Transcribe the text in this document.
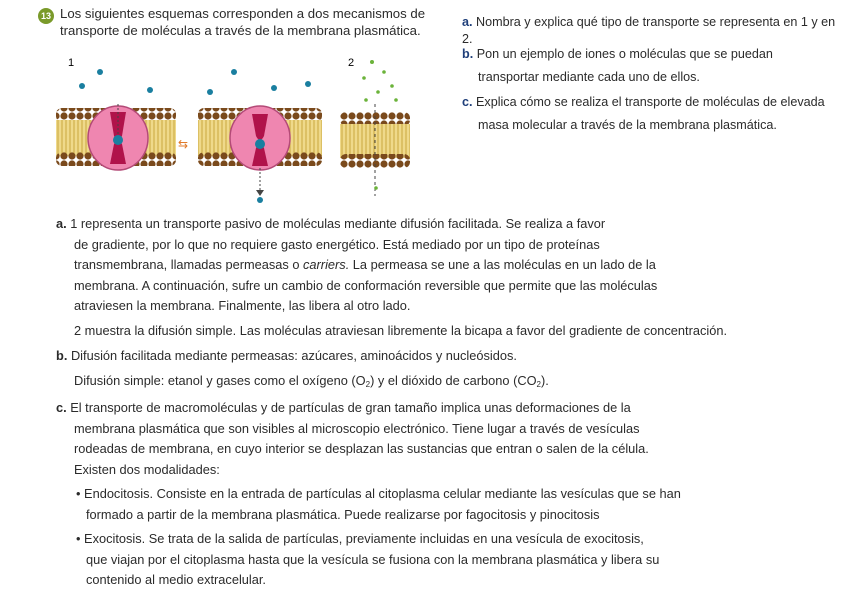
13 Los siguientes esquemas corresponden a dos mecanismos de
transporte de moléculas a través de la membrana plasmática.
a. Nombra y explica qué tipo de transporte se representa en 1 y en 2.
b. Pon un ejemplo de iones o moléculas que se puedan
transportar mediante cada uno de ellos.
c. Explica cómo se realiza el transporte de moléculas de elevada
masa molecular a través de la membrana plasmática.
1	2
⇆

a. 1 representa un transporte pasivo de moléculas mediante difusión facilitada. Se realiza a favor

de gradiente, por lo que no requiere gasto energético. Está mediado por un tipo de proteínas

transmembrana, llamadas permeasas o carriers. La permeasa se une a las moléculas en un lado de la

membrana. A continuación, sufre un cambio de conformación reversible que permite que las moléculas

atraviesen la membrana. Finalmente, las libera al otro lado.

2 muestra la difusión simple. Las moléculas atraviesan libremente la bicapa a favor del gradiente de concentración.

b. Difusión facilitada mediante permeasas: azúcares, aminoácidos y nucleósidos.

Difusión simple: etanol y gases como el oxígeno $(O_2)$ y el dióxido de carbono $(CO_2)$.

c. El transporte de macromoléculas y de partículas de gran tamaño implica unas deformaciones de la

membrana plasmática que son visibles al microscopio electrónico. Tiene lugar a través de vesículas

rodeadas de membrana, en cuyo interior se desplazan las sustancias que entran o salen de la célula.

Existen dos modalidades:

• Endocitosis. Consiste en la entrada de partículas al citoplasma celular mediante las vesículas que se han

formado a partir de la membrana plasmática. Puede realizarse por fagocitosis y pinocitosis

• Exocitosis. Se trata de la salida de partículas, previamente incluidas en una vesícula de exocitosis,

que viajan por el citoplasma hasta que la vesícula se fusiona con la membrana plasmática y libera su

contenido al medio extracelular.
